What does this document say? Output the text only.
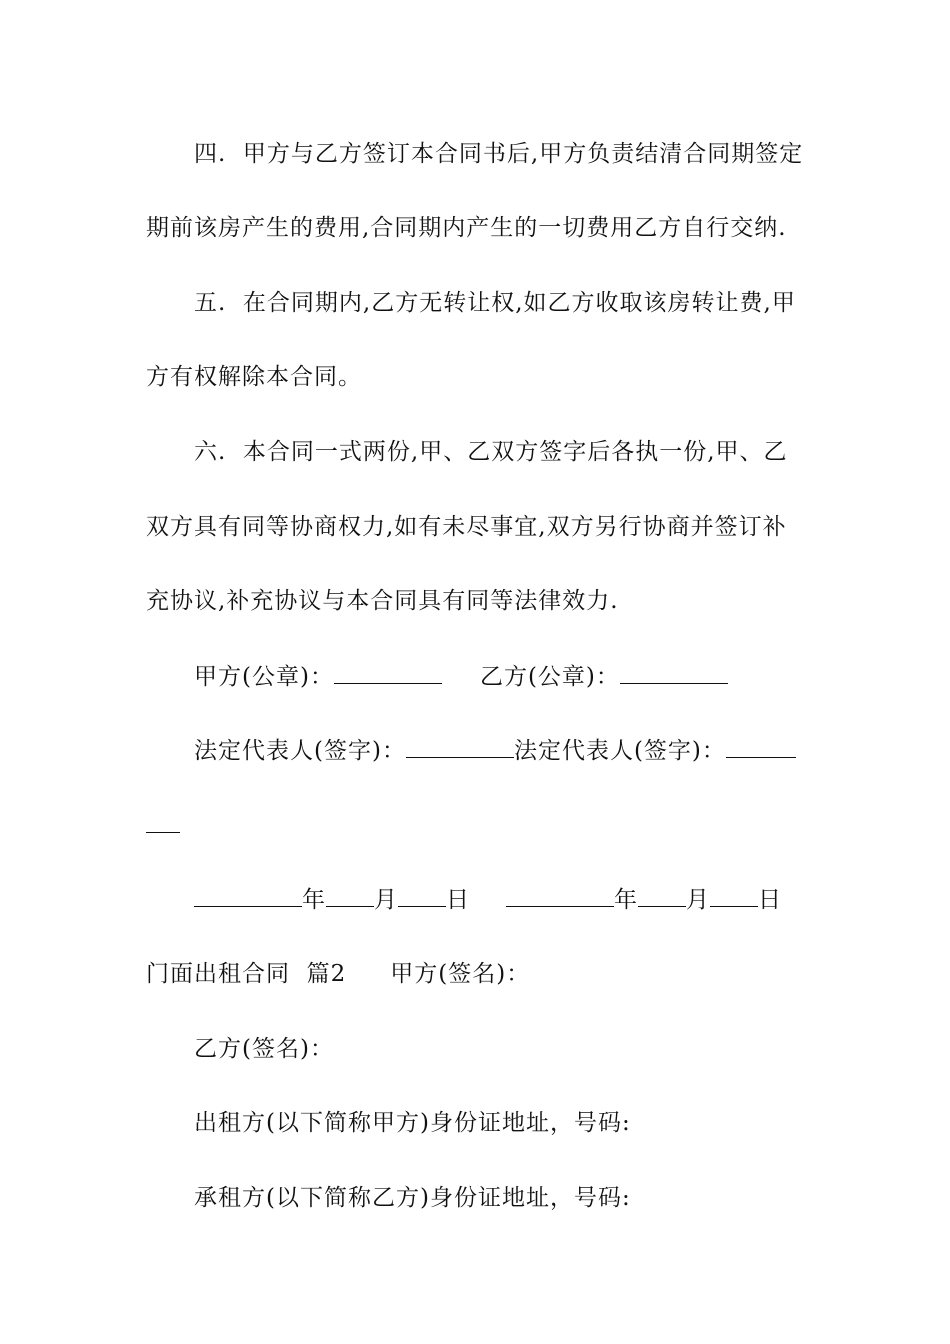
四.  甲方与乙方签订本合同书后,甲方负责结清合同期签定
期前该房产生的费用,合同期内产生的一切费用乙方自行交纳.
五.  在合同期内,乙方无转让权,如乙方收取该房转让费,甲
方有权解除本合同。
六.  本合同一式两份,甲、乙双方签字后各执一份,甲、乙
双方具有同等协商权力,如有未尽事宜,双方另行协商并签订补
充协议,补充协议与本合同具有同等法律效力.
甲方(公章)：	乙方(公章)：
法定代表人(签字)：	法定代表人(签字)：
年 月 日	年 月 日
门面出租合同  篇2 甲方(签名)：
乙方(签名)：
出租方(以下简称甲方)身份证地址，号码:
承租方(以下简称乙方)身份证地址，号码:
